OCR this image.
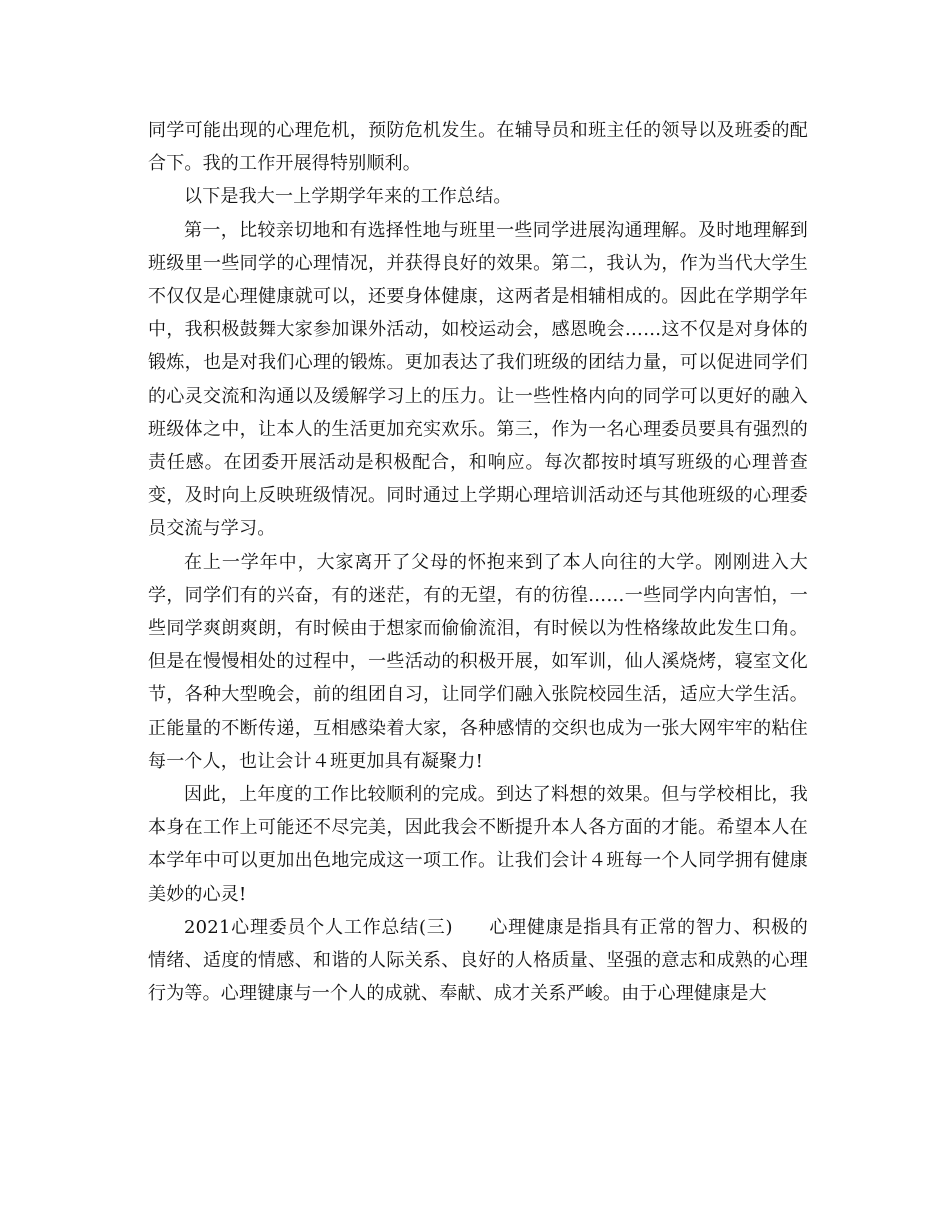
同学可能出现的心理危机，预防危机发生。在辅导员和班主任的领导以及班委的配合下。我的工作开展得特别顺利。

以下是我大一上学期学年来的工作总结。

第一，比较亲切地和有选择性地与班里一些同学进展沟通理解。及时地理解到班级里一些同学的心理情况，并获得良好的效果。第二，我认为，作为当代大学生不仅仅是心理健康就可以，还要身体健康，这两者是相辅相成的。因此在学期学年中，我积极鼓舞大家参加课外活动，如校运动会，感恩晚会……这不仅是对身体的锻炼，也是对我们心理的锻炼。更加表达了我们班级的团结力量，可以促进同学们的心灵交流和沟通以及缓解学习上的压力。让一些性格内向的同学可以更好的融入班级体之中，让本人的生活更加充实欢乐。第三，作为一名心理委员要具有强烈的责任感。在团委开展活动是积极配合，和响应。每次都按时填写班级的心理普查变，及时向上反映班级情况。同时通过上学期心理培训活动还与其他班级的心理委员交流与学习。

在上一学年中，大家离开了父母的怀抱来到了本人向往的大学。刚刚进入大学，同学们有的兴奋，有的迷茫，有的无望，有的彷徨……一些同学内向害怕，一些同学爽朗爽朗，有时候由于想家而偷偷流泪，有时候以为性格缘故此发生口角。但是在慢慢相处的过程中，一些活动的积极开展，如军训，仙人溪烧烤，寝室文化节，各种大型晚会，前的组团自习，让同学们融入张院校园生活，适应大学生活。正能量的不断传递，互相感染着大家，各种感情的交织也成为一张大网牢牢的粘住每一个人，也让会计４班更加具有凝聚力!

因此，上年度的工作比较顺利的完成。到达了料想的效果。但与学校相比，我本身在工作上可能还不尽完美，因此我会不断提升本人各方面的才能。希望本人在本学年中可以更加出色地完成这一项工作。让我们会计４班每一个人同学拥有健康美妙的心灵!

2021心理委员个人工作总结(三) 心理健康是指具有正常的智力、积极的情绪、适度的情感、和谐的人际关系、良好的人格质量、坚强的意志和成熟的心理行为等。心理键康与一个人的成就、奉献、成才关系严峻。由于心理健康是大
